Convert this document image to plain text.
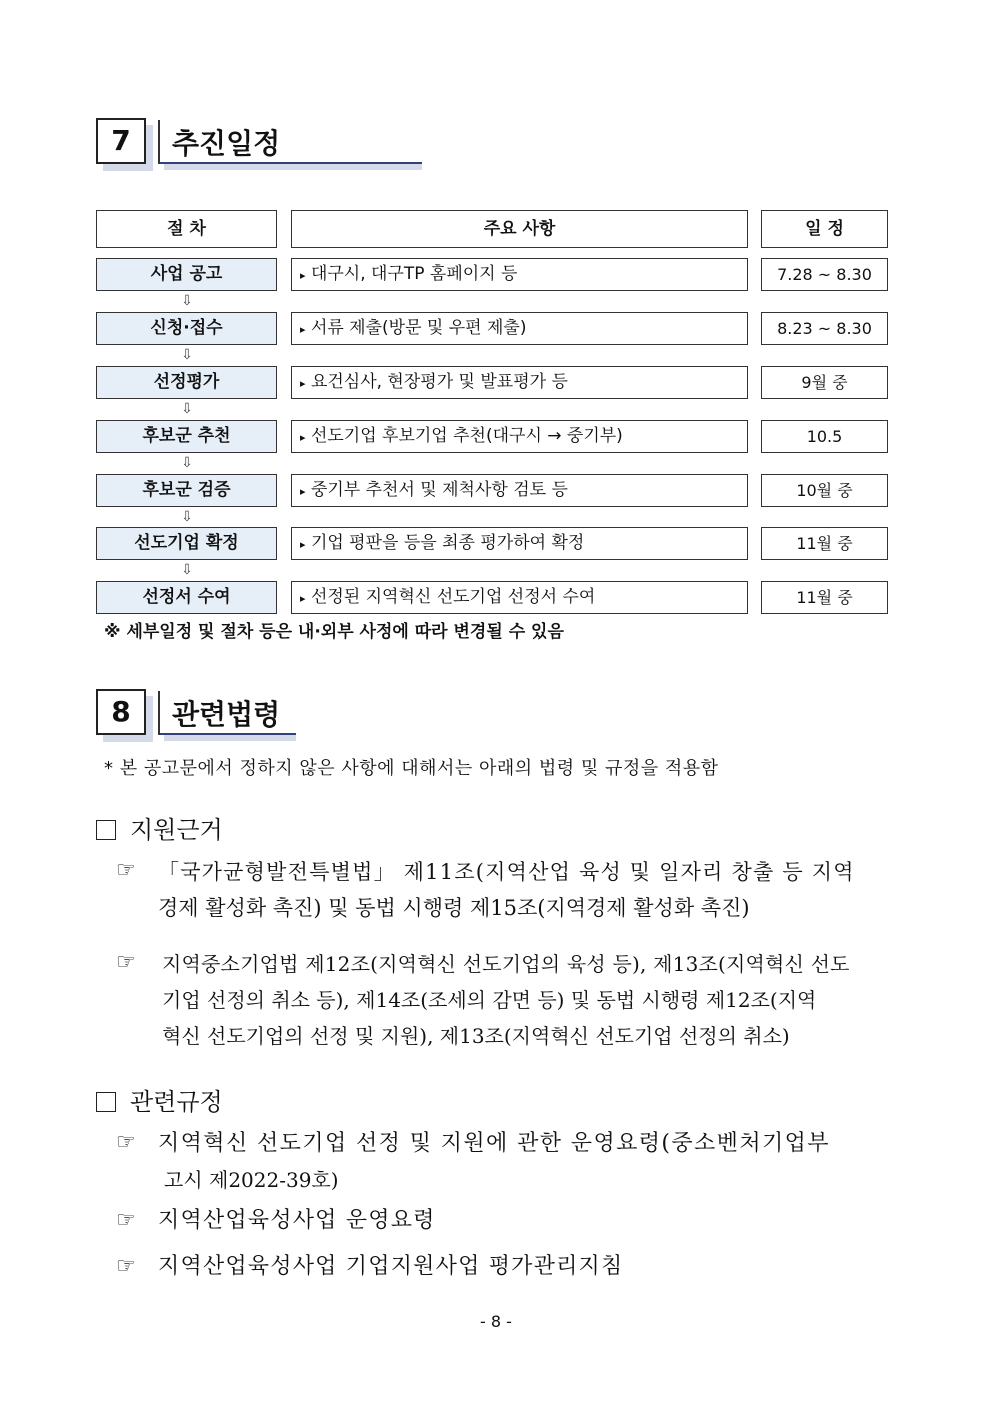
7	추진일정
절 차	주요 사항	일 정
사업 공고	▸ 대구시, 대구TP 홈페이지 등	7.28 ~ 8.30
⇩
신청·접수	▸ 서류 제출(방문 및 우편 제출)	8.23 ~ 8.30
⇩
선정평가	▸ 요건심사, 현장평가 및 발표평가 등	9월 중
⇩
후보군 추천	▸ 선도기업 후보기업 추천(대구시 → 중기부)	10.5
⇩
후보군 검증	▸ 중기부 추천서 및 제척사항 검토 등	10월 중
⇩
선도기업 확정	▸ 기업 평판을 등을 최종 평가하여 확정	11월 중
⇩
선정서 수여	▸ 선정된 지역혁신 선도기업 선정서 수여	11월 중
※ 세부일정 및 절차 등은 내·외부 사정에 따라 변경될 수 있음
8	관련법령
* 본 공고문에서 정하지 않은 사항에 대해서는 아래의 법령 및 규정을 적용함
지원근거
☞ 「국가균형발전특별법」 제11조(지역산업 육성 및 일자리 창출 등 지역
경제 활성화 촉진) 및 동법 시행령 제15조(지역경제 활성화 촉진)
☞ 지역중소기업법 제12조(지역혁신 선도기업의 육성 등), 제13조(지역혁신 선도
기업 선정의 취소 등), 제14조(조세의 감면 등) 및 동법 시행령 제12조(지역
혁신 선도기업의 선정 및 지원), 제13조(지역혁신 선도기업 선정의 취소)
관련규정
☞ 지역혁신 선도기업 선정 및 지원에 관한 운영요령(중소벤처기업부
고시 제2022-39호)
☞ 지역산업육성사업 운영요령
☞ 지역산업육성사업 기업지원사업 평가관리지침
- 8 -
